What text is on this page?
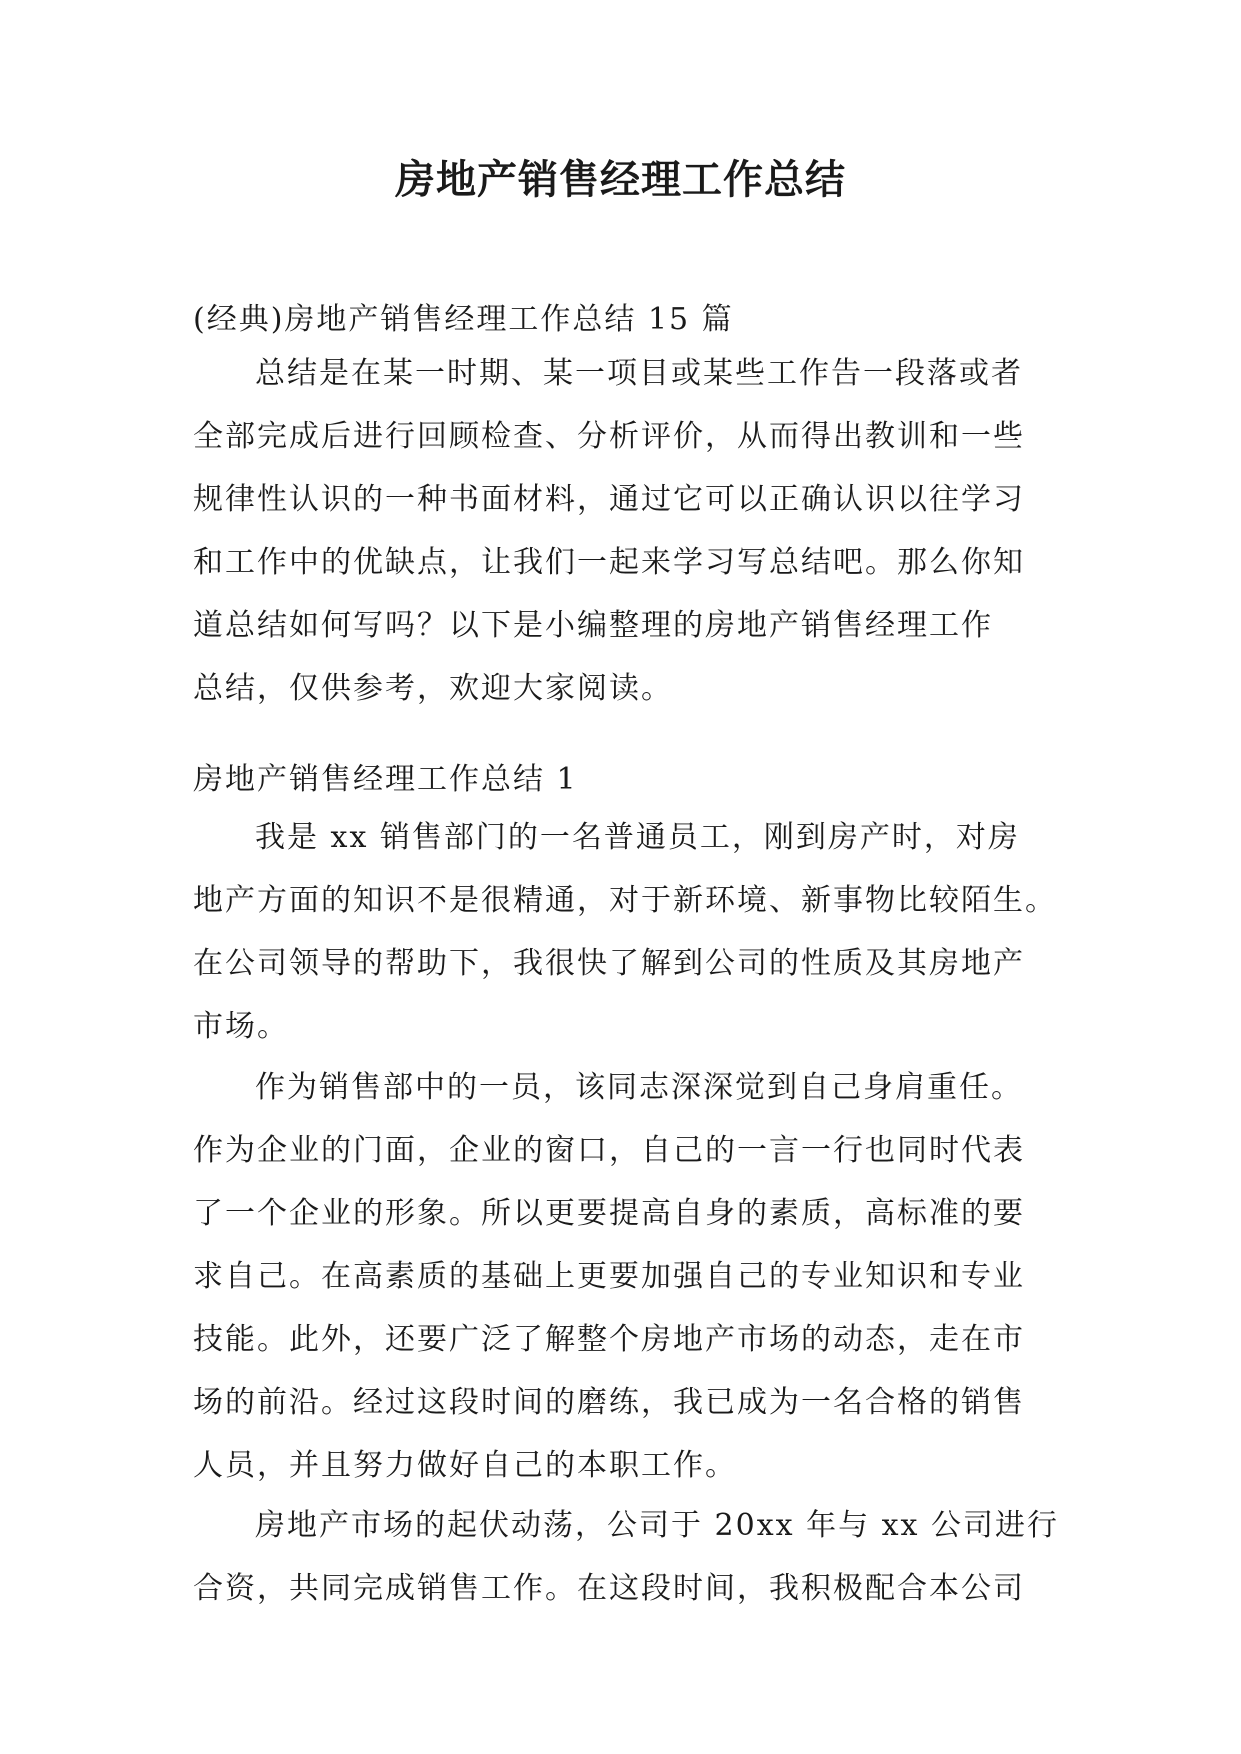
房地产销售经理工作总结
(经典)房地产销售经理工作总结 15 篇
总结是在某一时期、某一项目或某些工作告一段落或者
全部完成后进行回顾检查、分析评价，从而得出教训和一些
规律性认识的一种书面材料，通过它可以正确认识以往学习
和工作中的优缺点，让我们一起来学习写总结吧。那么你知
道总结如何写吗？以下是小编整理的房地产销售经理工作
总结，仅供参考，欢迎大家阅读。
房地产销售经理工作总结 1
我是 xx 销售部门的一名普通员工，刚到房产时，对房
地产方面的知识不是很精通，对于新环境、新事物比较陌生。
在公司领导的帮助下，我很快了解到公司的性质及其房地产
市场。
作为销售部中的一员，该同志深深觉到自己身肩重任。
作为企业的门面，企业的窗口，自己的一言一行也同时代表
了一个企业的形象。所以更要提高自身的素质，高标准的要
求自己。在高素质的基础上更要加强自己的专业知识和专业
技能。此外，还要广泛了解整个房地产市场的动态，走在市
场的前沿。经过这段时间的磨练，我已成为一名合格的销售
人员，并且努力做好自己的本职工作。
房地产市场的起伏动荡，公司于 20xx 年与 xx 公司进行
合资，共同完成销售工作。在这段时间，我积极配合本公司
